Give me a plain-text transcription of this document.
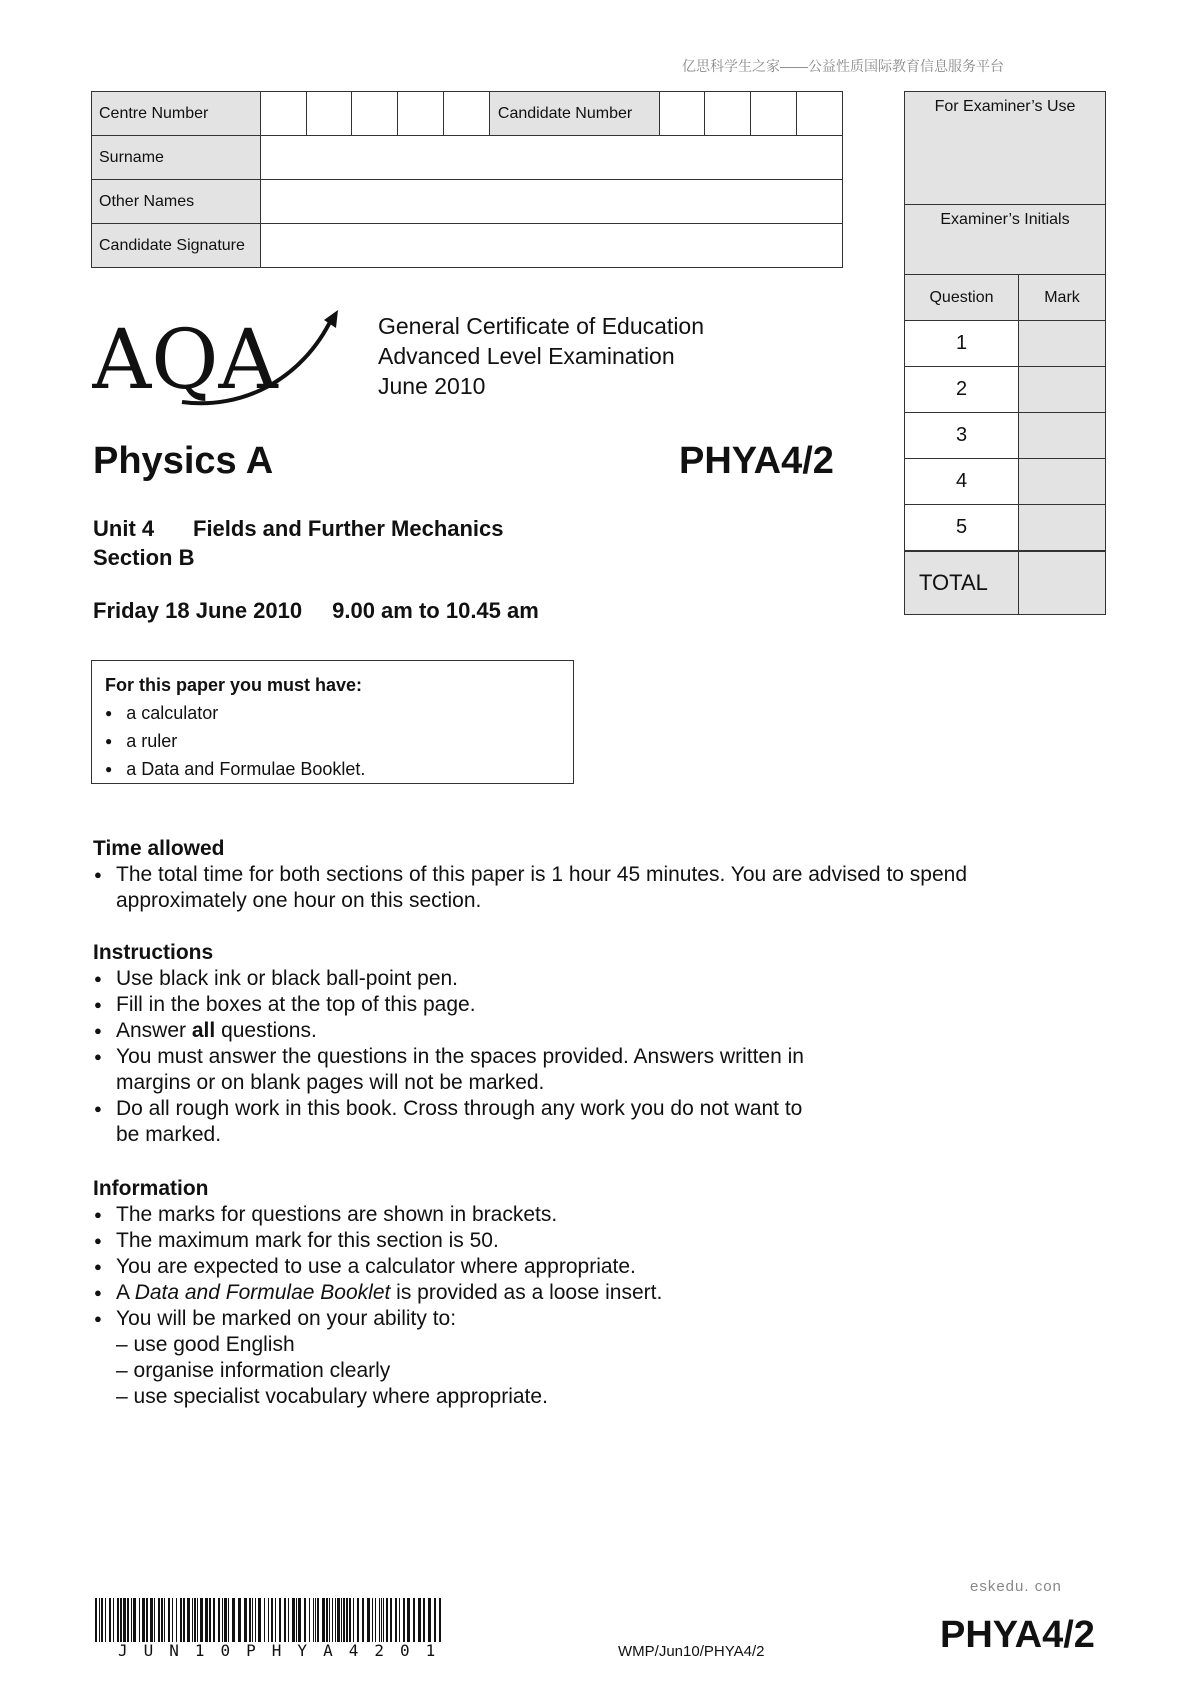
亿思科学生之家——公益性质国际教育信息服务平台
Centre Number						Candidate Number				
Surname										
Other Names										
Candidate Signature										
For Examiner’s Use
Examiner’s Initials
Question	Mark
1	
2	
3	
4	
5	
TOTAL	
AQA	General Certificate of Education
Advanced Level Examination
June 2010
Physics A	PHYA4/2
Unit 4 Fields and Further Mechanics
Section B
Friday 18 June 2010 9.00 am to 10.45 am
For this paper you must have:
● a calculator
● a ruler
● a Data and Formulae Booklet.
Time allowed
● The total time for both sections of this paper is 1 hour 45 minutes. You are advised to spend approximately one hour on this section.
Instructions
● Use black ink or black ball-point pen.
● Fill in the boxes at the top of this page.
● Answer all questions.
● You must answer the questions in the spaces provided. Answers written in margins or on blank pages will not be marked.
● Do all rough work in this book. Cross through any work you do not want to be marked.
Information
● The marks for questions are shown in brackets.
● The maximum mark for this section is 50.
● You are expected to use a calculator where appropriate.
● A Data and Formulae Booklet is provided as a loose insert.
● You will be marked on your ability to:
– use good English
– organise information clearly
– use specialist vocabulary where appropriate.
JUN10PHYA4201	WMP/Jun10/PHYA4/2
eskedu. con
PHYA4/2
